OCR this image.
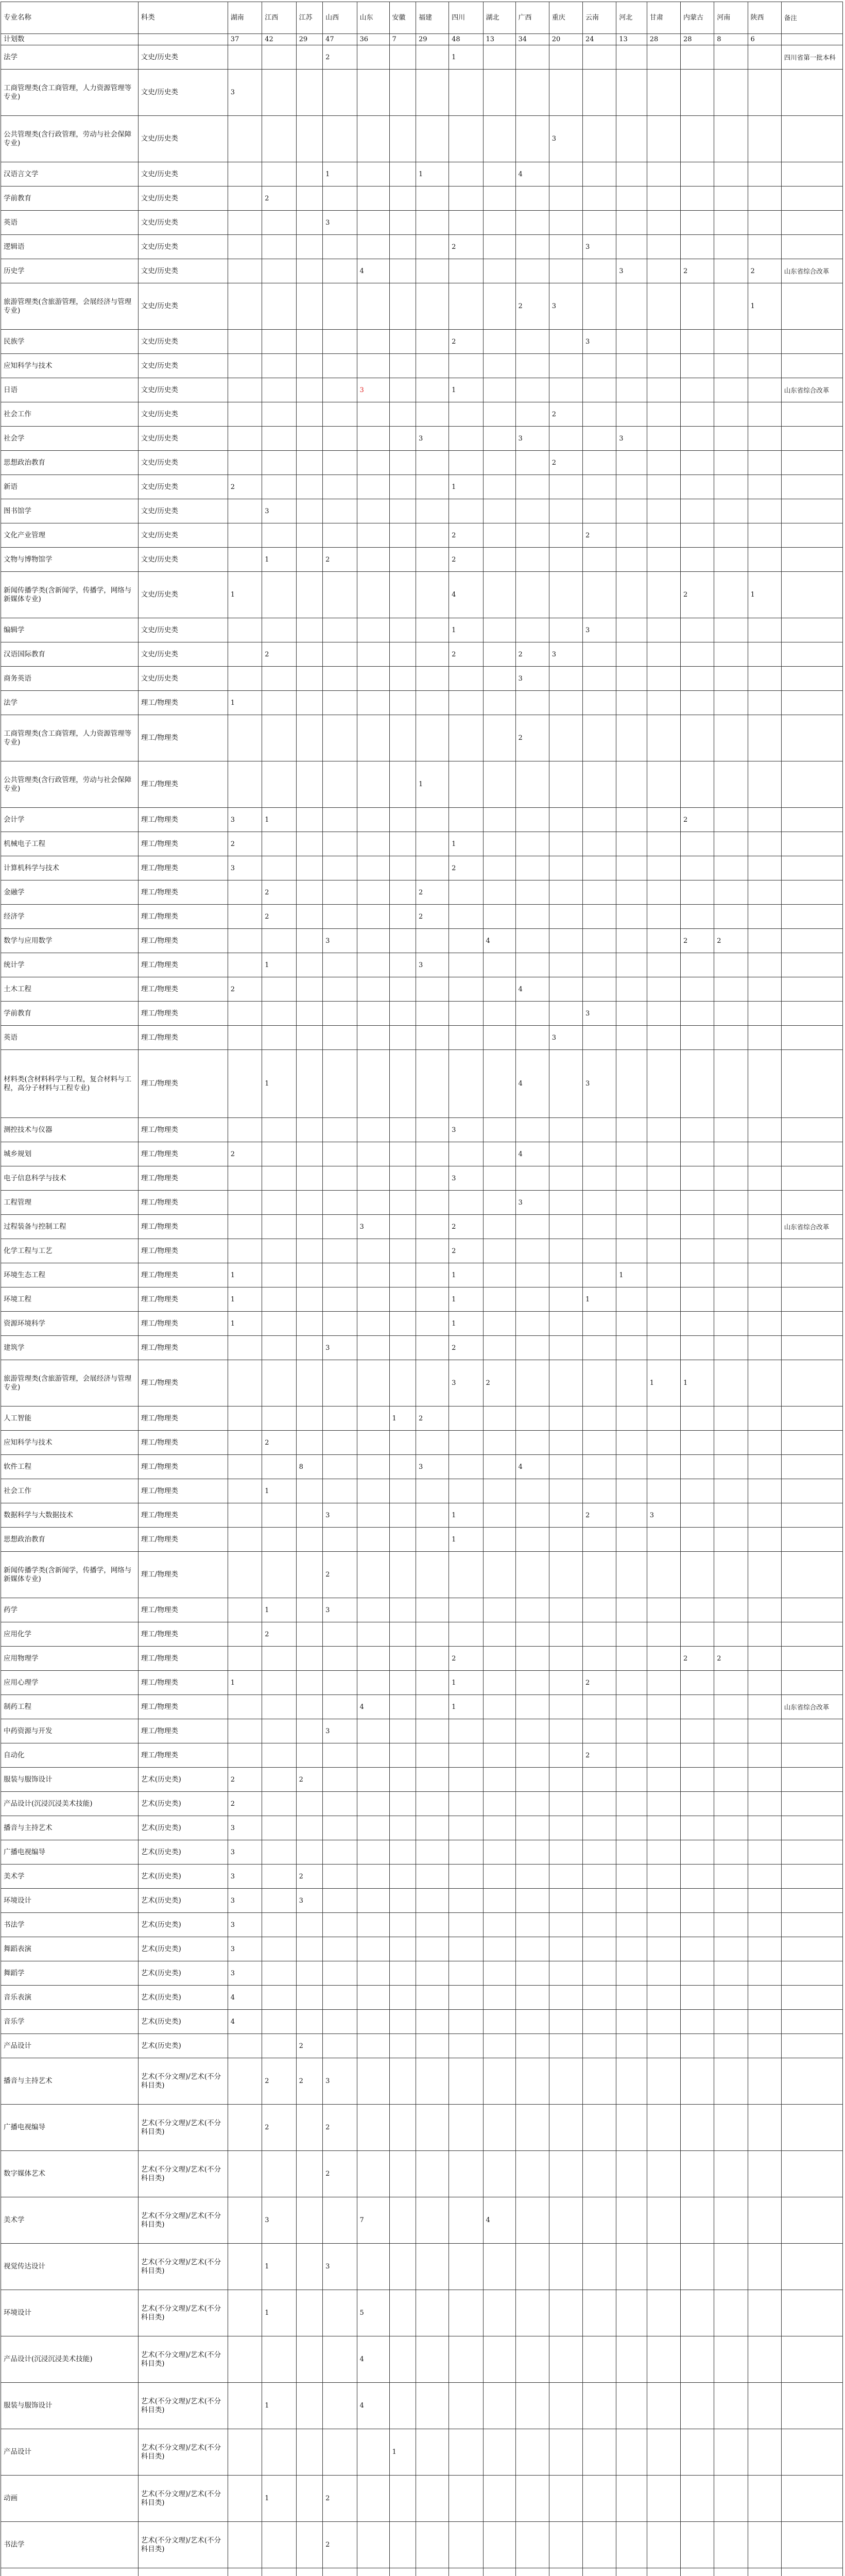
专业名称	科类	湖南	江西	江苏	山西	山东	安徽	福建	四川	湖北	广西	重庆	云南	河北	甘肃	内蒙古	河南	陕西	备注
计划数		37	42	29	47	36	7	29	48	13	34	20	24	13	28	28	8	6	
法学	文史/历史类				2				1										四川省第一批本科
工商管理类(含工商管理，人力资源管理等专业)	文史/历史类	3																	
公共管理类(含行政管理，劳动与社会保障专业)	文史/历史类											3							
汉语言文学	文史/历史类				1			1			4								
学前教育	文史/历史类		2																
英语	文史/历史类				3														
逻辑语	文史/历史类								2				3						
历史学	文史/历史类					4								3		2		2	山东省综合改革
旅游管理类(含旅游管理，会展经济与管理专业)	文史/历史类										2	3						1	
民族学	文史/历史类								2				3						
应知科学与技术	文史/历史类																		
日语	文史/历史类					3			1										山东省综合改革
社会工作	文史/历史类											2							
社会学	文史/历史类							3			3			3					
思想政治教育	文史/历史类											2							
新语	文史/历史类	2							1										
图书馆学	文史/历史类		3																
文化产业管理	文史/历史类								2				2						
文物与博物馆学	文史/历史类		1		2				2										
新闻传播学类(含新闻学，传播学，网络与新媒体专业)	文史/历史类	1							4							2		1	
编辑学	文史/历史类								1				3						
汉语国际教育	文史/历史类		2						2		2	3							
商务英语	文史/历史类										3								
法学	理工/物理类	1																	
工商管理类(含工商管理，人力资源管理等专业)	理工/物理类										2								
公共管理类(含行政管理，劳动与社会保障专业)	理工/物理类							1											
会计学	理工/物理类	3	1													2			
机械电子工程	理工/物理类	2							1										
计算机科学与技术	理工/物理类	3							2										
金融学	理工/物理类		2					2											
经济学	理工/物理类		2					2											
数学与应用数学	理工/物理类				3					4						2	2		
统计学	理工/物理类		1					3											
土木工程	理工/物理类	2									4								
学前教育	理工/物理类												3						
英语	理工/物理类											3							
材料类(含材料科学与工程，复合材料与工程，高分子材料与工程专业)	理工/物理类		1								4		3						
测控技术与仪器	理工/物理类								3										
城乡规划	理工/物理类	2									4								
电子信息科学与技术	理工/物理类								3										
工程管理	理工/物理类										3								
过程装备与控制工程	理工/物理类					3			2										山东省综合改革
化学工程与工艺	理工/物理类								2										
环境生态工程	理工/物理类	1							1					1					
环境工程	理工/物理类	1							1				1						
资源环境科学	理工/物理类	1							1										
建筑学	理工/物理类				3				2										
旅游管理类(含旅游管理，会展经济与管理专业)	理工/物理类								3	2					1	1			
人工智能	理工/物理类						1	2											
应知科学与技术	理工/物理类		2																
软件工程	理工/物理类			8				3			4								
社会工作	理工/物理类		1																
数据科学与大数据技术	理工/物理类				3				1				2		3				
思想政治教育	理工/物理类								1										
新闻传播学类(含新闻学，传播学，网络与新媒体专业)	理工/物理类				2														
药学	理工/物理类		1		3														
应用化学	理工/物理类		2																
应用物理学	理工/物理类								2							2	2		
应用心理学	理工/物理类	1							1				2						
制药工程	理工/物理类					4			1										山东省综合改革
中药资源与开发	理工/物理类				3														
自动化	理工/物理类												2						
服装与服饰设计	艺术(历史类)	2		2															
产品设计(沉浸沉浸美术技能)	艺术(历史类)	2																	
播音与主持艺术	艺术(历史类)	3																	
广播电视编导	艺术(历史类)	3																	
美术学	艺术(历史类)	3		2															
环境设计	艺术(历史类)	3		3															
书法学	艺术(历史类)	3																	
舞蹈表演	艺术(历史类)	3																	
舞蹈学	艺术(历史类)	3																	
音乐表演	艺术(历史类)	4																	
音乐学	艺术(历史类)	4																	
产品设计	艺术(历史类)			2															
播音与主持艺术	艺术(不分文理)/艺术(不分科目类)		2	2	3														
广播电视编导	艺术(不分文理)/艺术(不分科目类)		2		2														
数字媒体艺术	艺术(不分文理)/艺术(不分科目类)				2														
美术学	艺术(不分文理)/艺术(不分科目类)		3			7				4									
视觉传达设计	艺术(不分文理)/艺术(不分科目类)		1		3														
环境设计	艺术(不分文理)/艺术(不分科目类)		1			5													
产品设计(沉浸沉浸美术技能)	艺术(不分文理)/艺术(不分科目类)					4													
服装与服饰设计	艺术(不分文理)/艺术(不分科目类)		1			4													
产品设计	艺术(不分文理)/艺术(不分科目类)						1												
动画	艺术(不分文理)/艺术(不分科目类)		1		2														
书法学	艺术(不分文理)/艺术(不分科目类)				2														
